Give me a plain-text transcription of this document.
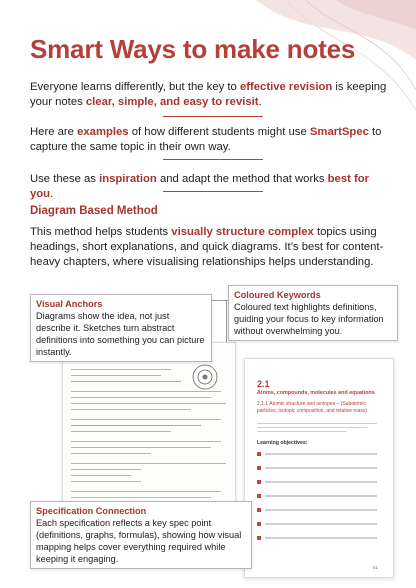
Smart Ways to make notes

Everyone learns differently, but the key to effective revision is keeping your notes clear, simple, and easy to revisit.

Here are examples of how different students might use SmartSpec to capture the same topic in their own way.

Use these as inspiration and adapt the method that works best for you.

Diagram Based Method

This method helps students visually structure complex topics using headings, short explanations, and quick diagrams. It’s best for content-heavy chapters, where visualising relationships helps understanding.

2.1
Atoms, compounds, molecules and equations
2.1.1 Atomic structure and isotopes – (Subatomic particles, isotopic composition, and relative mass)
Learning objectives:
51
Coloured Keywords
Coloured text highlights definitions, guiding your focus to key information without overwhelming you.
Visual Anchors
Diagrams show the idea, not just describe it. Sketches turn abstract definitions into something you can picture instantly.
Specification Connection
Each specification reflects a key spec point (definitions, graphs, formulas), showing how visual mapping helps cover everything required while keeping it engaging.
